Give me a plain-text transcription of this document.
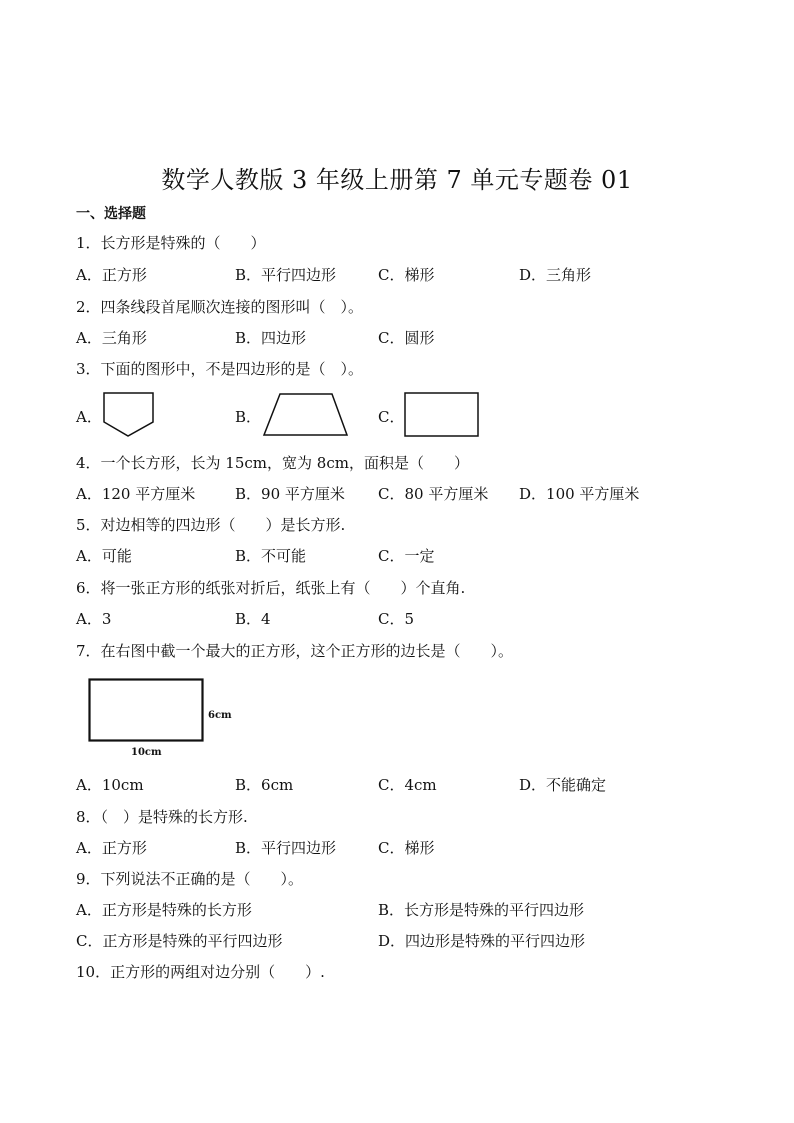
数学人教版 3 年级上册第 7 单元专题卷 01
一、选择题
1．长方形是特殊的（　　）
A．正方形	B．平行四边形	C．梯形	D．三角形
2．四条线段首尾顺次连接的图形叫（　）。
A．三角形	B．四边形	C．圆形
3．下面的图形中，不是四边形的是（　）。
A．	B．	C．
4．一个长方形，长为 15cm，宽为 8cm，面积是（　　）
A．120 平方厘米	B．90 平方厘米 C．80 平方厘米 D．100 平方厘米
5．对边相等的四边形（　　）是长方形.
A．可能	B．不可能	C．一定
6．将一张正方形的纸张对折后，纸张上有（　　）个直角.
A．3	B．4	C．5
7．在右图中截一个最大的正方形，这个正方形的边长是（　　）。
6cm
10cm
A．10cm	B．6cm	C．4cm	D．不能确定
8．（　）是特殊的长方形.
A．正方形	B．平行四边形	C．梯形
9．下列说法不正确的是（　　）。
A．正方形是特殊的长方形	B．长方形是特殊的平行四边形
C．正方形是特殊的平行四边形	D．四边形是特殊的平行四边形
10．正方形的两组对边分别（　　）.
